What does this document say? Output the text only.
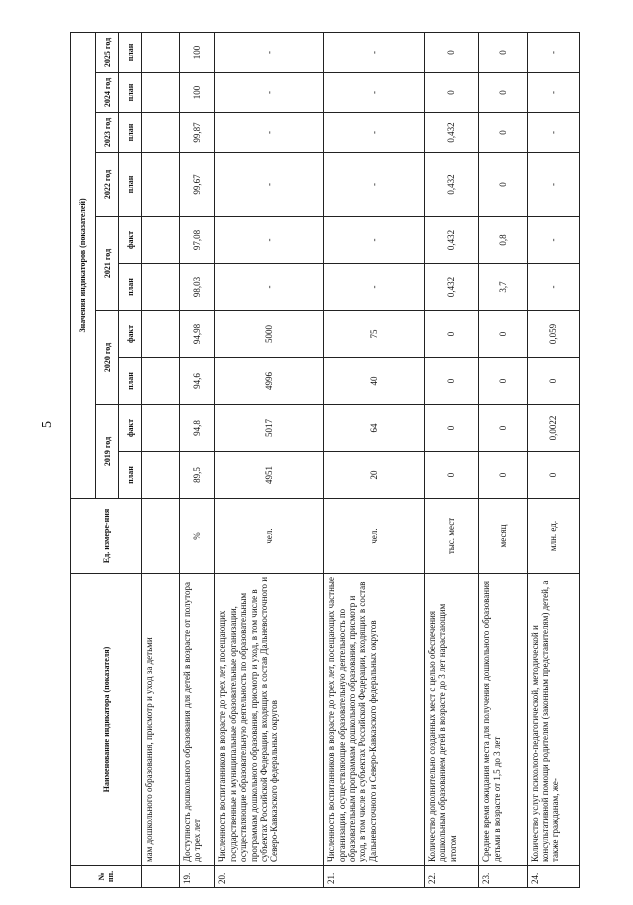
5
№ пп.	Наименование индикатора (показателя)	Ед. измере-ния	Значения индикаторов (показателей)									
			2019 год		2020 год		2021 год		2022 год	2023 год	2024 год	2025 год
			план	факт	план	факт	план	факт	план	план	план	план
	мам дошкольного образования, присмотр и уход за детьми											
19.	Доступность дошкольного образования для детей в возрасте от полутора до трех лет	%	89,5	94,8	94,6	94,98	98,03	97,08	99,67	99,87	100	100
20.	Численность воспитанников в возрасте до трех лет, посещающих государственные и муниципальные образовательные организации, осуществляющие образовательную деятельность по образовательным программам дошкольного образования, присмотр и уход, в том числе в субъектах Российской Федерации, входящих в состав Дальневосточного и Северо-Кавказского федеральных округов	чел.	4951	5017	4996	5000	-	-	-	-	-	-
21.	Численность воспитанников в возрасте до трех лет, посещающих частные организации, осуществляющие образовательную деятельность по образовательным программам дошкольного образования, присмотр и уход, в том числе в субъектах Российской Федерации, входящих в состав Дальневосточного и Северо-Кавказского федеральных округов	чел.	20	64	40	75	-	-	-	-	-	-
22.	Количество дополнительно созданных мест с целью обеспечения дошкольным образованием детей в возрасте до 3 лет нарастающим итогом	тыс. мест	0	0	0	0	0,432	0,432	0,432	0,432	0	0
23.	Среднее время ожидания места для получения дошкольного образования детьми в возрасте от 1,5 до 3 лет	месяц	0	0	0	0	3,7	0,8	0	0	0	0
24.	Количество услуг психолого-педагогической, методической и консультативной помощи родителям (законным представителям) детей, а также гражданам, же-	млн. ед.	0	0,0022	0	0,059	-	-	-	-	-	-
